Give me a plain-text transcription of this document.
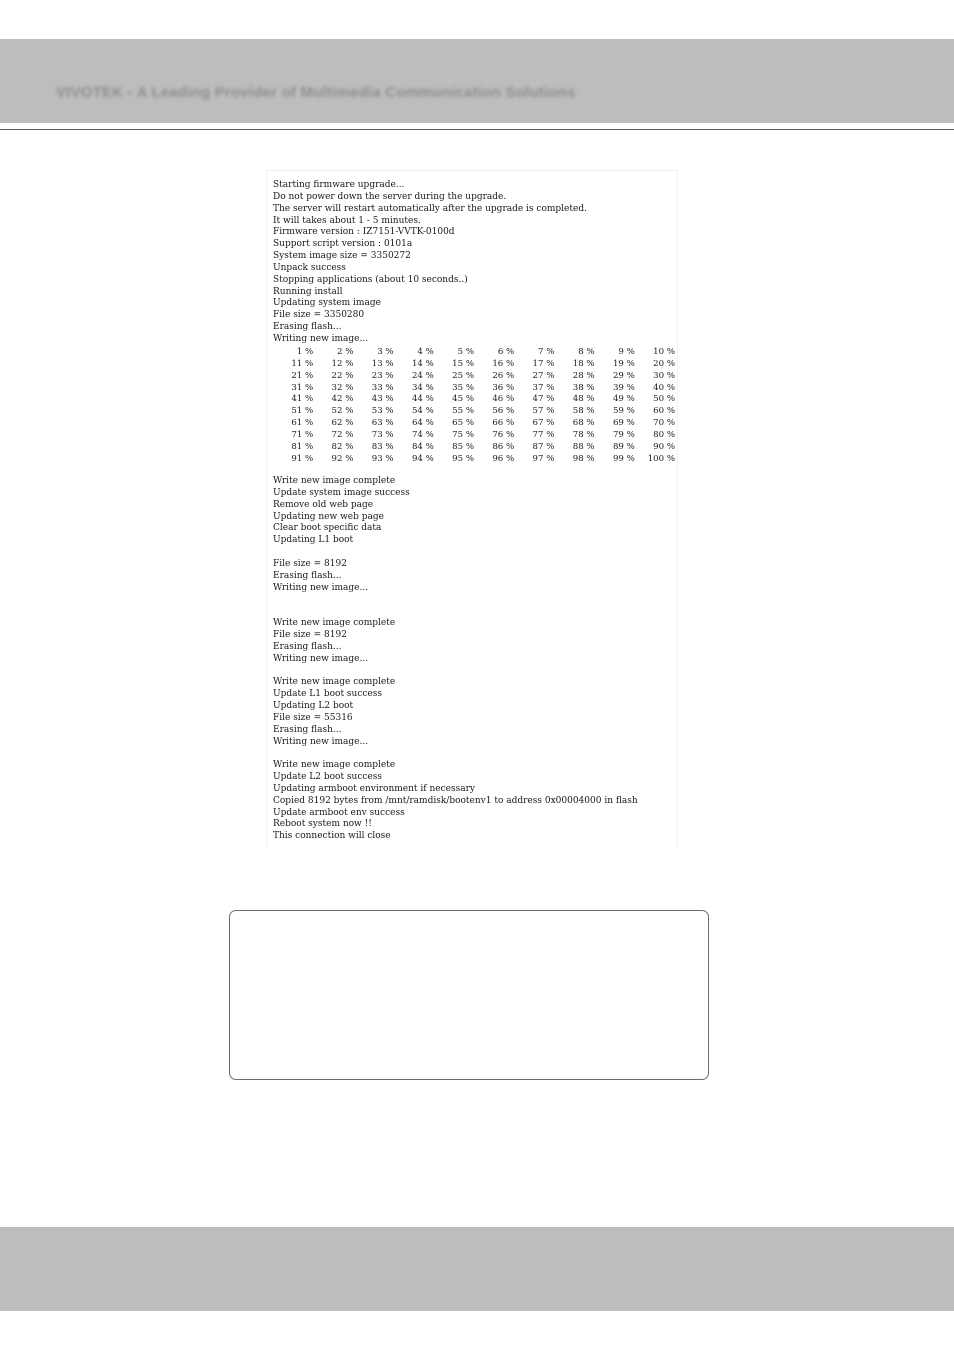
VIVOTEK - A Leading Provider of Multimedia Communication Solutions
Starting firmware upgrade...
Do not power down the server during the upgrade.
The server will restart automatically after the upgrade is completed.
It will takes about 1 - 5 minutes.
Firmware version : IZ7151-VVTK-0100d
Support script version : 0101a
System image size = 3350272
Unpack success
Stopping applications (about 10 seconds..)
Running install
Updating system image
File size = 3350280
Erasing flash...
Writing new image...
1 %	2 %	3 %	4 %	5 %	6 %	7 %	8 %	9 %	10 %
11 %	12 %	13 %	14 %	15 %	16 %	17 %	18 %	19 %	20 %
21 %	22 %	23 %	24 %	25 %	26 %	27 %	28 %	29 %	30 %
31 %	32 %	33 %	34 %	35 %	36 %	37 %	38 %	39 %	40 %
41 %	42 %	43 %	44 %	45 %	46 %	47 %	48 %	49 %	50 %
51 %	52 %	53 %	54 %	55 %	56 %	57 %	58 %	59 %	60 %
61 %	62 %	63 %	64 %	65 %	66 %	67 %	68 %	69 %	70 %
71 %	72 %	73 %	74 %	75 %	76 %	77 %	78 %	79 %	80 %
81 %	82 %	83 %	84 %	85 %	86 %	87 %	88 %	89 %	90 %
91 %	92 %	93 %	94 %	95 %	96 %	97 %	98 %	99 %	100 %
Write new image complete
Update system image success
Remove old web page
Updating new web page
Clear boot specific data
Updating L1 boot
File size = 8192
Erasing flash...
Writing new image...
Write new image complete
File size = 8192
Erasing flash...
Writing new image...
Write new image complete
Update L1 boot success
Updating L2 boot
File size = 55316
Erasing flash...
Writing new image...
Write new image complete
Update L2 boot success
Updating armboot environment if necessary
Copied 8192 bytes from /mnt/ramdisk/bootenv1 to address 0x00004000 in flash
Update armboot env success
Reboot system now !!
This connection will close
